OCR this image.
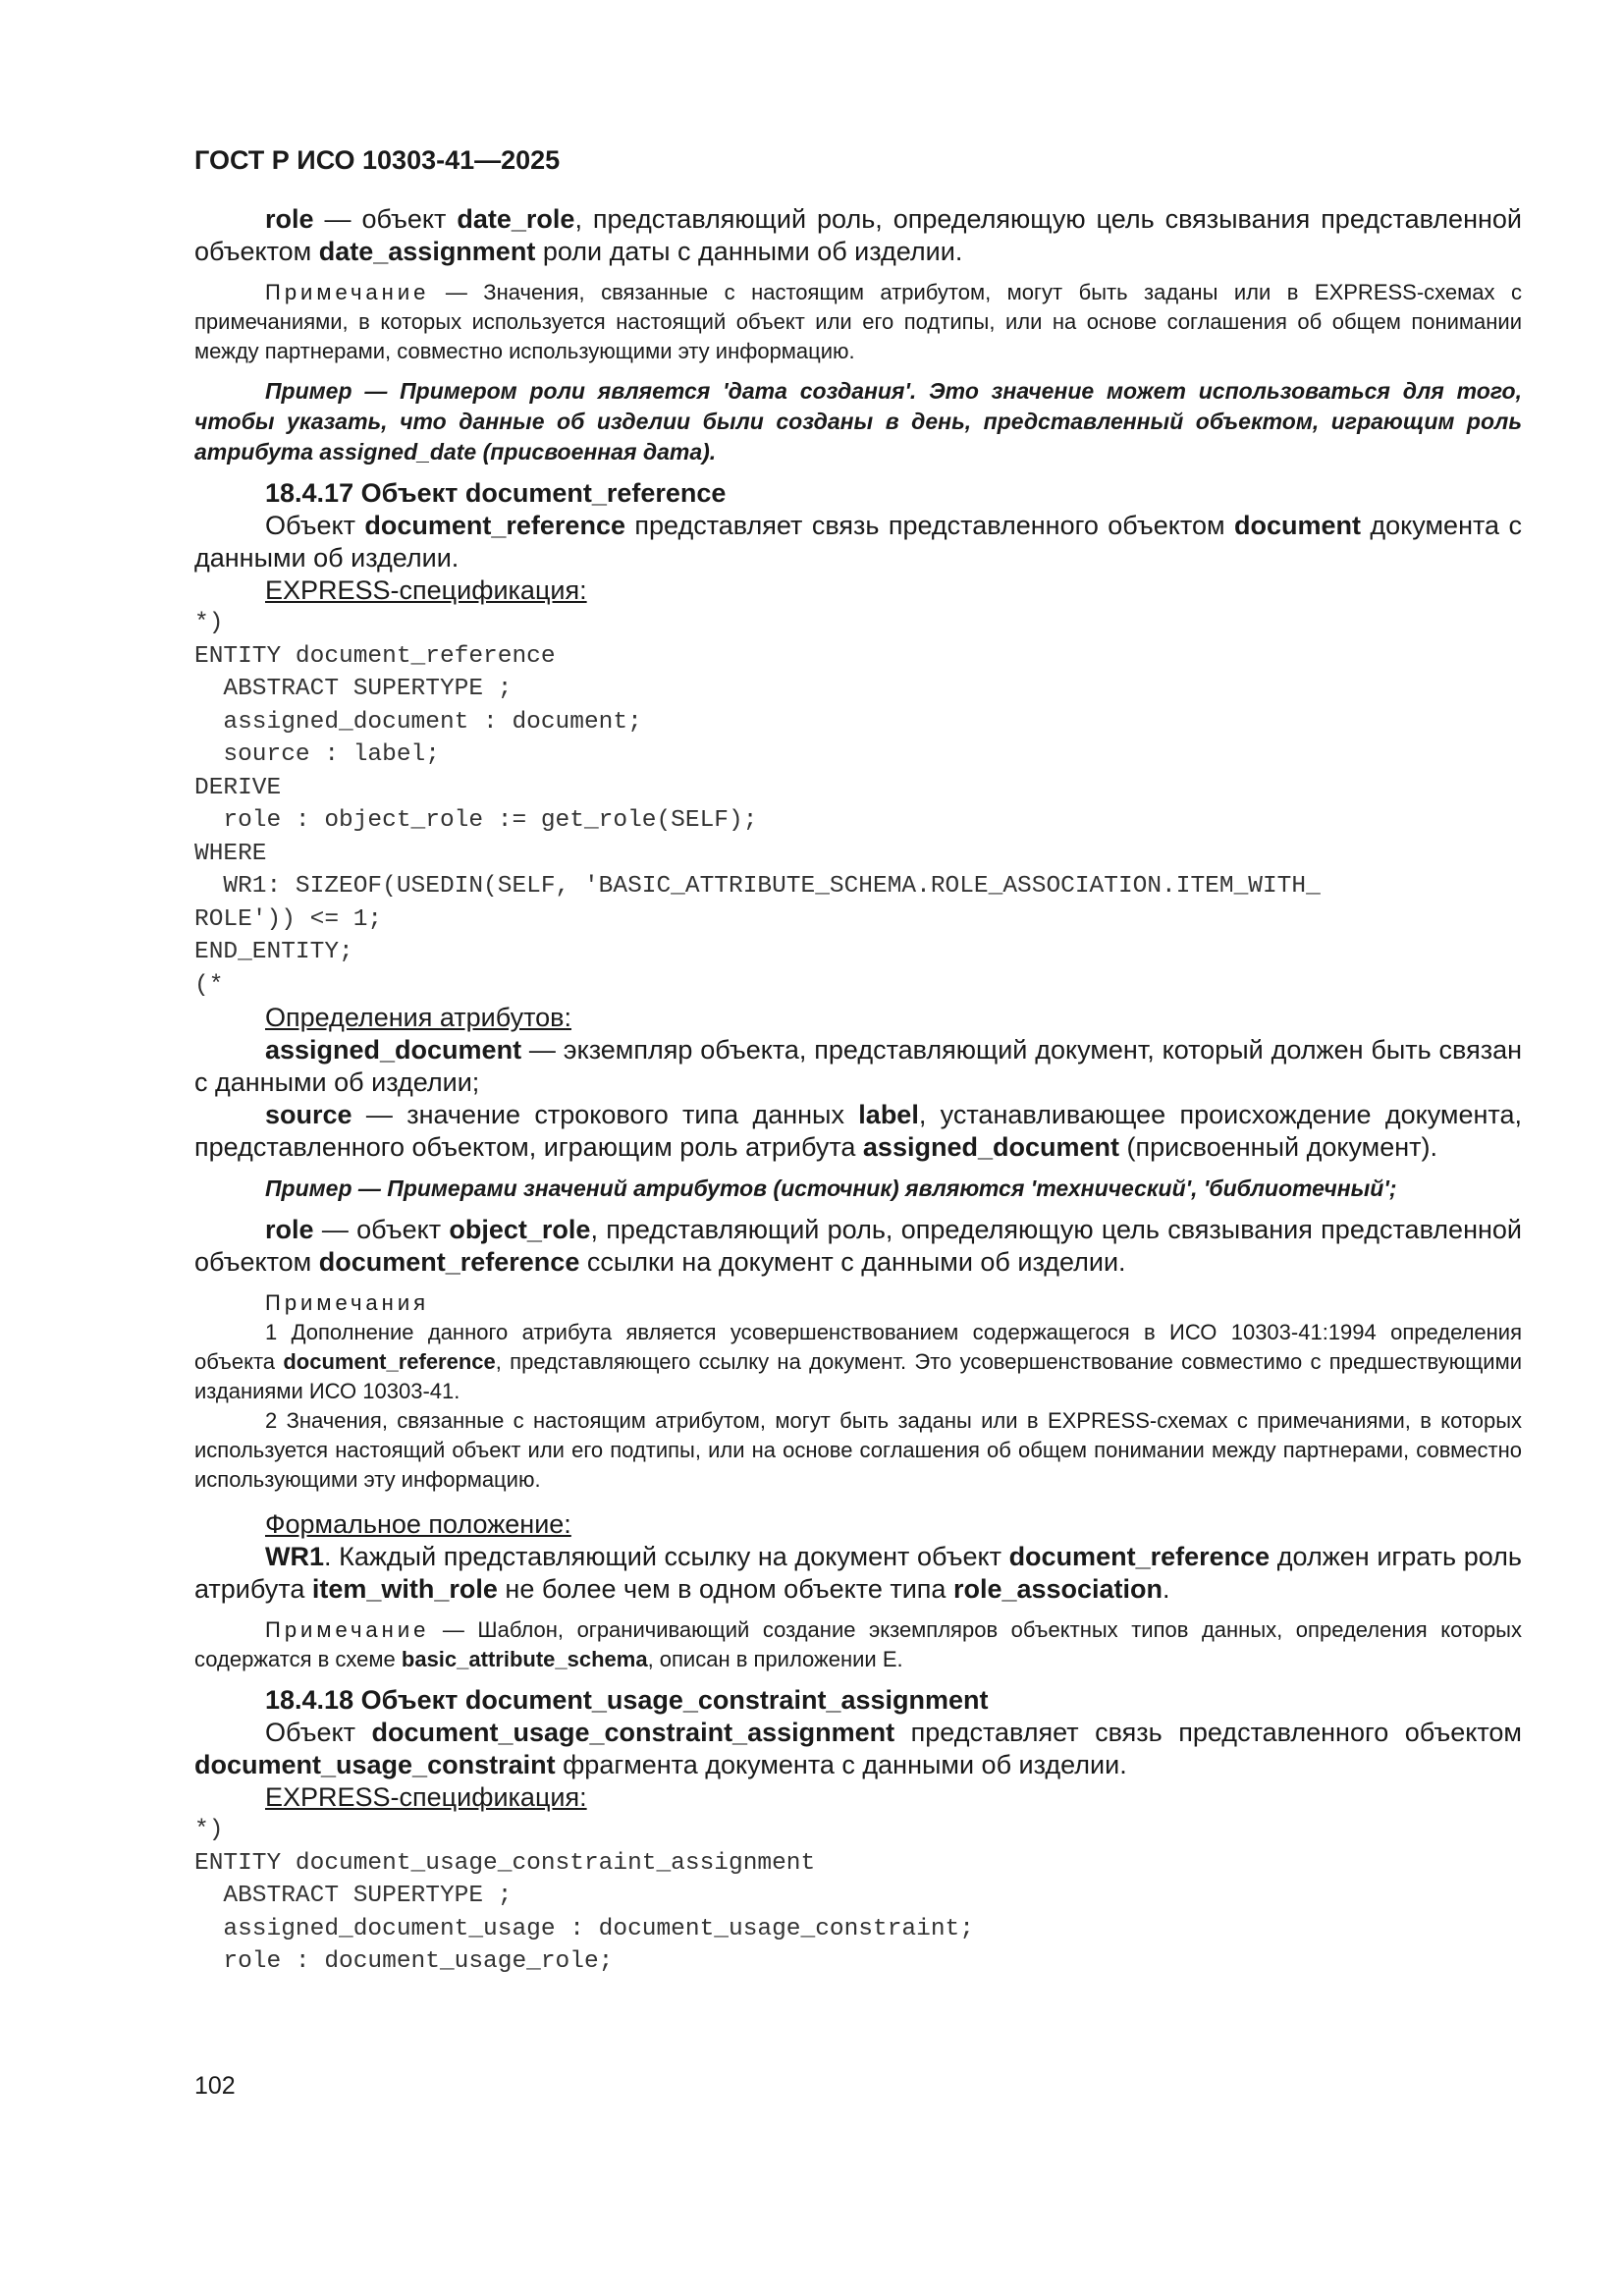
ГОСТ Р ИСО 10303-41—2025

role — объект date_role, представляющий роль, определяющую цель связывания представленной объектом date_assignment роли даты с данными об изделии.

Примечание — Значения, связанные с настоящим атрибутом, могут быть заданы или в EXPRESS-схемах с примечаниями, в которых используется настоящий объект или его подтипы, или на основе соглашения об общем понимании между партнерами, совместно использующими эту информацию.

Пример — Примером роли является 'дата создания'. Это значение может использоваться для того, чтобы указать, что данные об изделии были созданы в день, представленный объектом, играющим роль атрибута assigned_date (присвоенная дата).

18.4.17 Объект document_reference

Объект document_reference представляет связь представленного объектом document документа с данными об изделии.

EXPRESS-спецификация:
*)
ENTITY document_reference
ABSTRACT SUPERTYPE ;
assigned_document : document;
source : label;
DERIVE
role : object_role := get_role(SELF);
WHERE
WR1: SIZEOF(USEDIN(SELF, 'BASIC_ATTRIBUTE_SCHEMA.ROLE_ASSOCIATION.ITEM_WITH_
ROLE')) <= 1;
END_ENTITY;
(*
Определения атрибутов:

assigned_document — экземпляр объекта, представляющий документ, который должен быть связан с данными об изделии;

source — значение строкового типа данных label, устанавливающее происхождение документа, представленного объектом, играющим роль атрибута assigned_document (присвоенный документ).

Пример — Примерами значений атрибутов (источник) являются 'технический', 'библиотечный';

role — объект object_role, представляющий роль, определяющую цель связывания представленной объектом document_reference ссылки на документ с данными об изделии.

Примечания

1 Дополнение данного атрибута является усовершенствованием содержащегося в ИСО 10303-41:1994 определения объекта document_reference, представляющего ссылку на документ. Это усовершенствование совместимо с предшествующими изданиями ИСО 10303-41.

2 Значения, связанные с настоящим атрибутом, могут быть заданы или в EXPRESS-схемах с примечаниями, в которых используется настоящий объект или его подтипы, или на основе соглашения об общем понимании между партнерами, совместно использующими эту информацию.

Формальное положение:

WR1. Каждый представляющий ссылку на документ объект document_reference должен играть роль атрибута item_with_role не более чем в одном объекте типа role_association.

Примечание — Шаблон, ограничивающий создание экземпляров объектных типов данных, определения которых содержатся в схеме basic_attribute_schema, описан в приложении E.

18.4.18 Объект document_usage_constraint_assignment

Объект document_usage_constraint_assignment представляет связь представленного объектом document_usage_constraint фрагмента документа с данными об изделии.

EXPRESS-спецификация:
*)
ENTITY document_usage_constraint_assignment
ABSTRACT SUPERTYPE ;
assigned_document_usage : document_usage_constraint;
role : document_usage_role;
102
